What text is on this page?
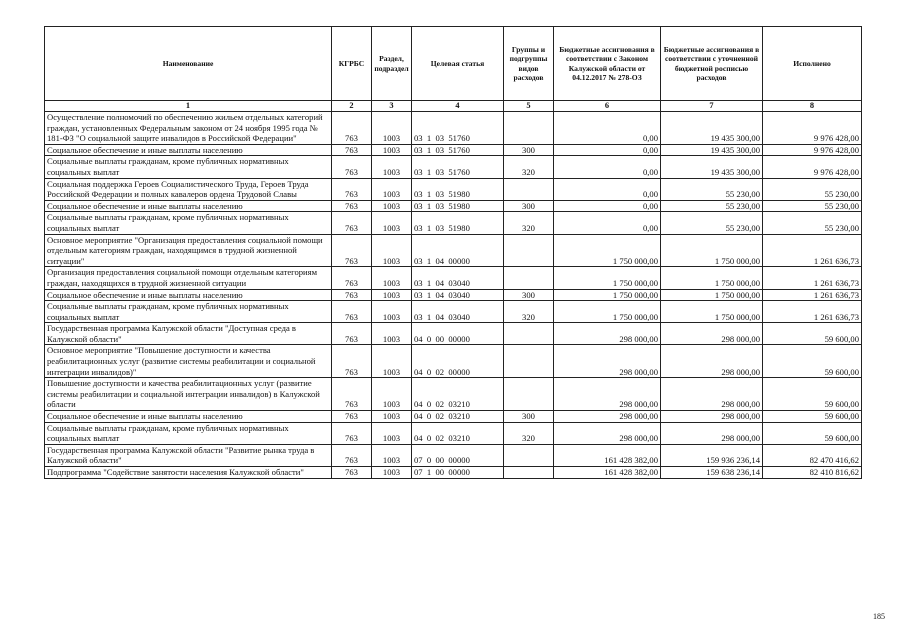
Наименование	КГРБС	Раздел, подраздел	Целевая статья	Группы и подгруппы видов расходов	Бюджетные ассигнования в соответствии с Законом Калужской области от 04.12.2017 № 278-ОЗ	Бюджетные ассигнования в соответствии с уточненной бюджетной росписью расходов	Исполнено
1	2	3	4	5	6	7	8
Осуществление полномочий по обеспечению жильем отдельных категорий граждан, установленных Федеральным законом от 24 ноября 1995 года № 181-ФЗ "О социальной защите инвалидов в Российской Федерации"	763	1003	03  1  03  51760		0,00	19 435 300,00	9 976 428,00
Социальное обеспечение и иные выплаты населению	763	1003	03  1  03  51760	300	0,00	19 435 300,00	9 976 428,00
Социальные выплаты гражданам, кроме публичных нормативных социальных выплат	763	1003	03  1  03  51760	320	0,00	19 435 300,00	9 976 428,00
Социальная поддержка Героев Социалистического Труда, Героев Труда Российской Федерации и полных кавалеров ордена Трудовой Славы	763	1003	03  1  03  51980		0,00	55 230,00	55 230,00
Социальное обеспечение и иные выплаты населению	763	1003	03  1  03  51980	300	0,00	55 230,00	55 230,00
Социальные выплаты гражданам, кроме публичных нормативных социальных выплат	763	1003	03  1  03  51980	320	0,00	55 230,00	55 230,00
Основное мероприятие "Организация предоставления социальной помощи отдельным категориям граждан, находящимся в трудной жизненной ситуации"	763	1003	03  1  04  00000		1 750 000,00	1 750 000,00	1 261 636,73
Организация предоставления социальной помощи отдельным категориям граждан, находящихся в трудной жизненной ситуации	763	1003	03  1  04  03040		1 750 000,00	1 750 000,00	1 261 636,73
Социальное обеспечение и иные выплаты населению	763	1003	03  1  04  03040	300	1 750 000,00	1 750 000,00	1 261 636,73
Социальные выплаты гражданам, кроме публичных нормативных социальных выплат	763	1003	03  1  04  03040	320	1 750 000,00	1 750 000,00	1 261 636,73
Государственная программа Калужской области "Доступная среда в Калужской области"	763	1003	04  0  00  00000		298 000,00	298 000,00	59 600,00
Основное мероприятие "Повышение доступности и качества реабилитационных услуг (развитие системы реабилитации и социальной интеграции инвалидов)"	763	1003	04  0  02  00000		298 000,00	298 000,00	59 600,00
Повышение доступности и качества реабилитационных услуг (развитие системы реабилитации и социальной интеграции инвалидов) в Калужской области	763	1003	04  0  02  03210		298 000,00	298 000,00	59 600,00
Социальное обеспечение и иные выплаты населению	763	1003	04  0  02  03210	300	298 000,00	298 000,00	59 600,00
Социальные выплаты гражданам, кроме публичных нормативных социальных выплат	763	1003	04  0  02  03210	320	298 000,00	298 000,00	59 600,00
Государственная программа Калужской области "Развитие рынка труда в Калужской области"	763	1003	07  0  00  00000		161 428 382,00	159 936 236,14	82 470 416,62
Подпрограмма "Содействие занятости населения Калужской области"	763	1003	07  1  00  00000		161 428 382,00	159 638 236,14	82 410 816,62
185
